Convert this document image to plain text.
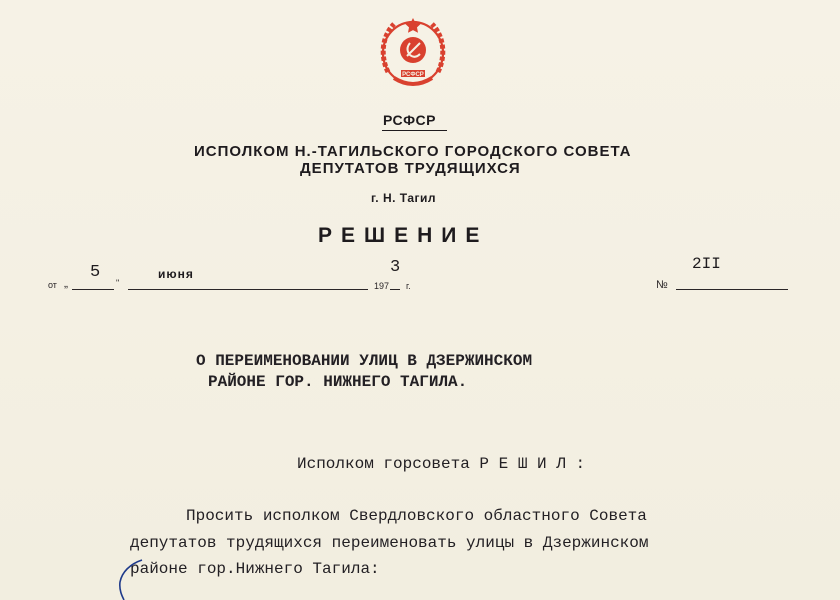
РСФСР
РСФСР
ИСПОЛКОМ Н.-ТАГИЛЬСКОГО ГОРОДСКОГО СОВЕТА
ДЕПУТАТОВ ТРУДЯЩИХСЯ
г. Н. Тагил
РЕШЕНИЕ
от „
5
"
июня
197
3
г.	№
2II
О ПЕРЕИМЕНОВАНИИ УЛИЦ В ДЗЕРЖИНСКОМ
РАЙОНЕ ГОР. НИЖНЕГО ТАГИЛА.
Исполком горсовета Р Е Ш И Л :
Просить исполком Свердловского областного Совета
депутатов трудящихся переименовать улицы в Дзержинском
районе гор.Нижнего Тагила:
